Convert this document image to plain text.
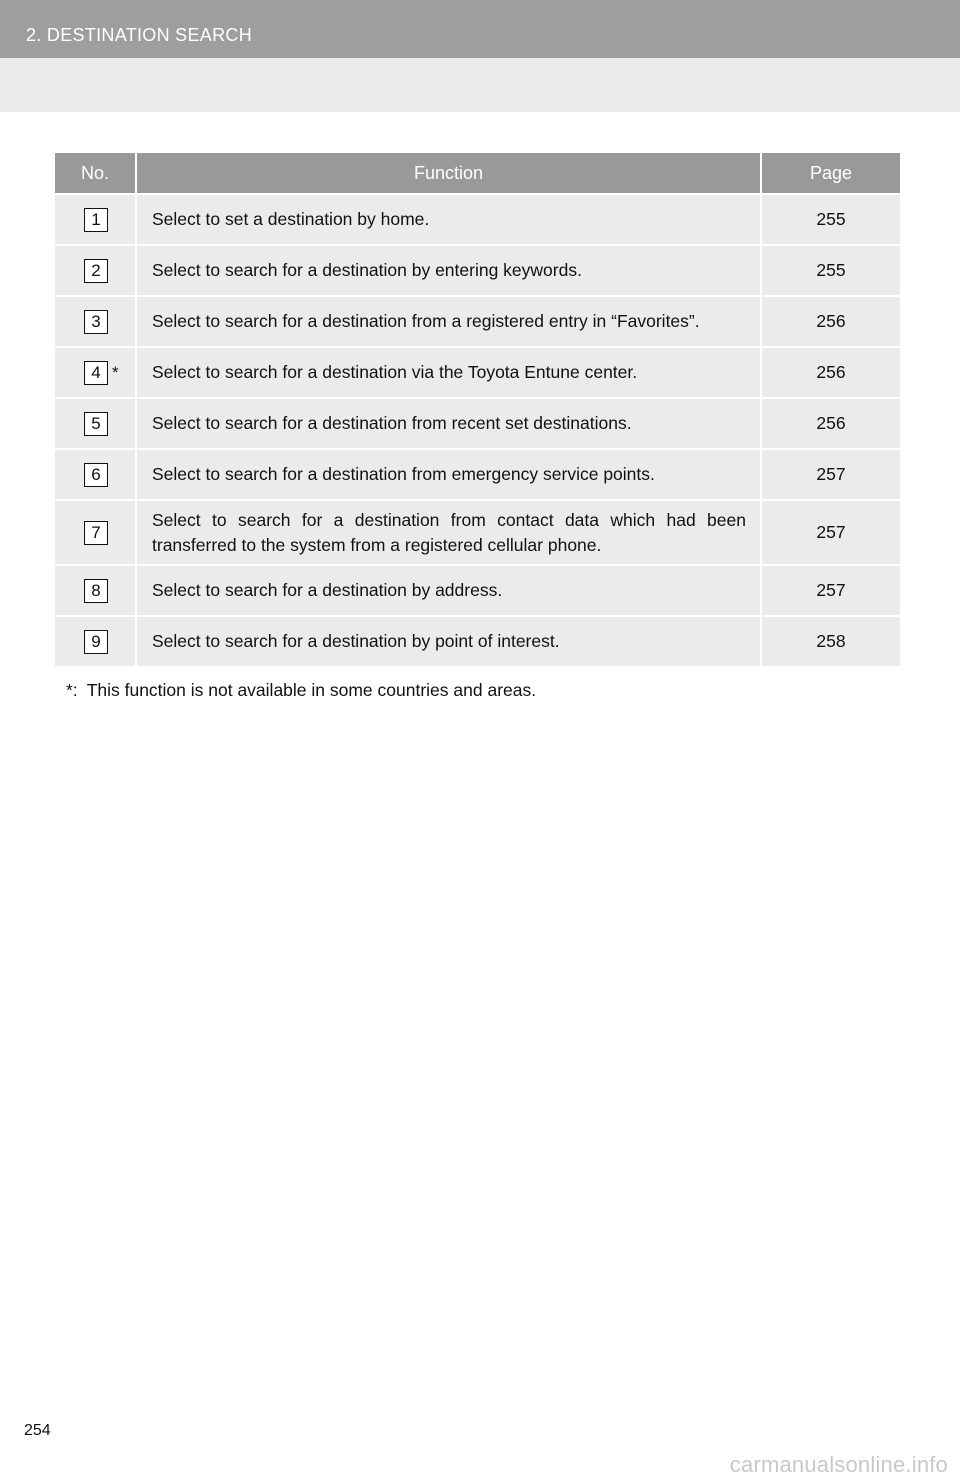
2. DESTINATION SEARCH
No.	Function	Page
1	Select to set a destination by home.	255
2	Select to search for a destination by entering keywords.	255
3	Select to search for a destination from a registered entry in “Favorites”.	256
4 *	Select to search for a destination via the Toyota Entune center.	256
5	Select to search for a destination from recent set destinations.	256
6	Select to search for a destination from emergency service points.	257
7	Select to search for a destination from contact data which had been transferred to the system from a registered cellular phone.	257
8	Select to search for a destination by address.	257
9	Select to search for a destination by point of interest.	258
*: This function is not available in some countries and areas.
254
carmanualsonline.info
